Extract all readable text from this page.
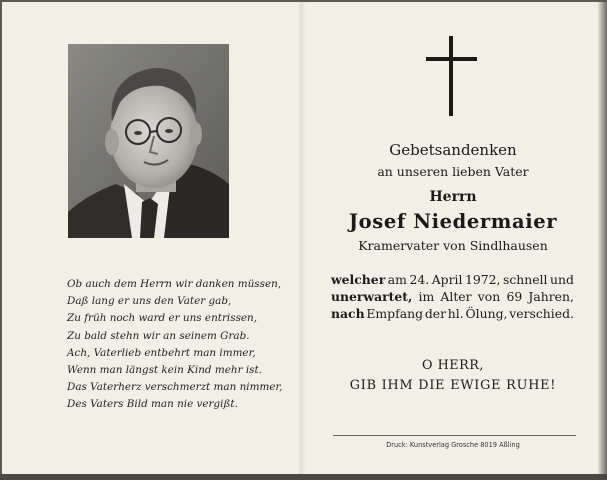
Ob auch dem Herrn wir danken müssen,
Daß lang er uns den Vater gab,
Zu früh noch ward er uns entrissen,
Zu bald stehn wir an seinem Grab.
Ach, Vaterlieb entbehrt man immer,
Wenn man längst kein Kind mehr ist.
Das Vaterherz verschmerzt man nimmer,
Des Vaters Bild man nie vergißt.
Gebetsandenken
an unseren lieben Vater
Herrn
Josef Niedermaier
Kramervater von Sindlhausen
welcher am 24. April 1972, schnell und
unerwartet, im Alter von 69 Jahren,
nach Empfang der hl. Ölung, verschied.
O HERR,
GIB IHM DIE EWIGE RUHE!
Druck: Kunstverlag Grosche 8019 Aßling
